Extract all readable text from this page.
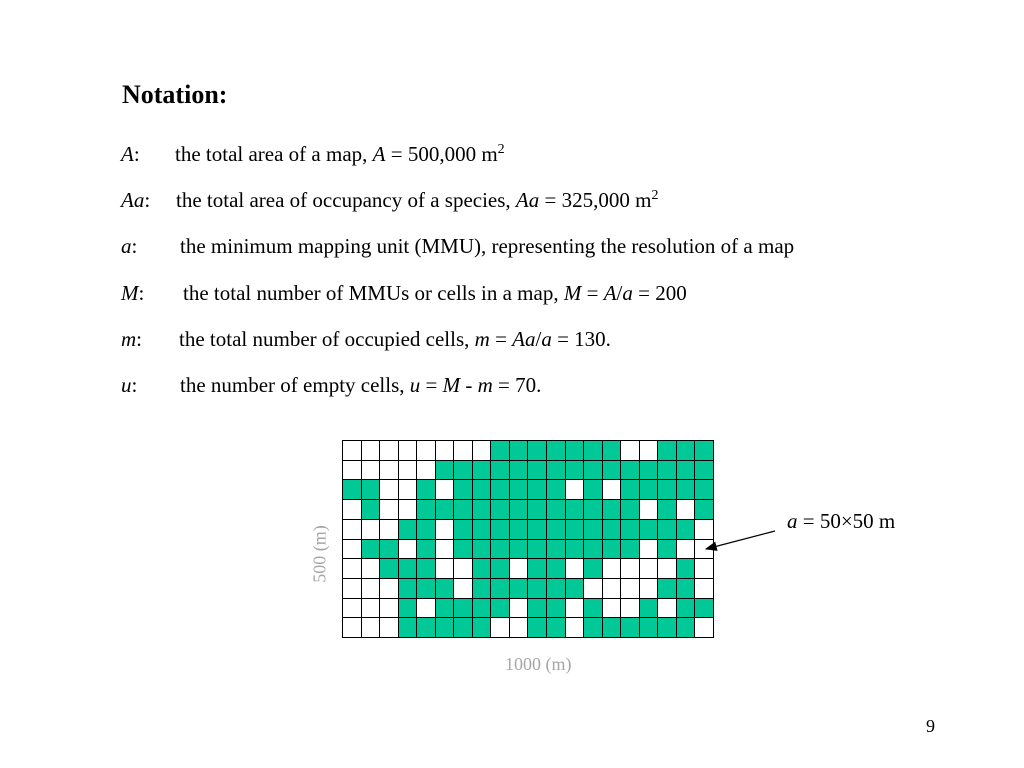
Notation:
A: the total area of a map, A = 500,000 $m^2$
Aa: the total area of occupancy of a species, Aa = 325,000 $m^2$
a: the minimum mapping unit (MMU), representing the resolution of a map
M: the total number of MMUs or cells in a map, M = A/a = 200
m: the total number of occupied cells, m = Aa/a = 130.
u: the number of empty cells, u = M - m = 70.
500 (m)
1000 (m)
a = 50×50 m
9
